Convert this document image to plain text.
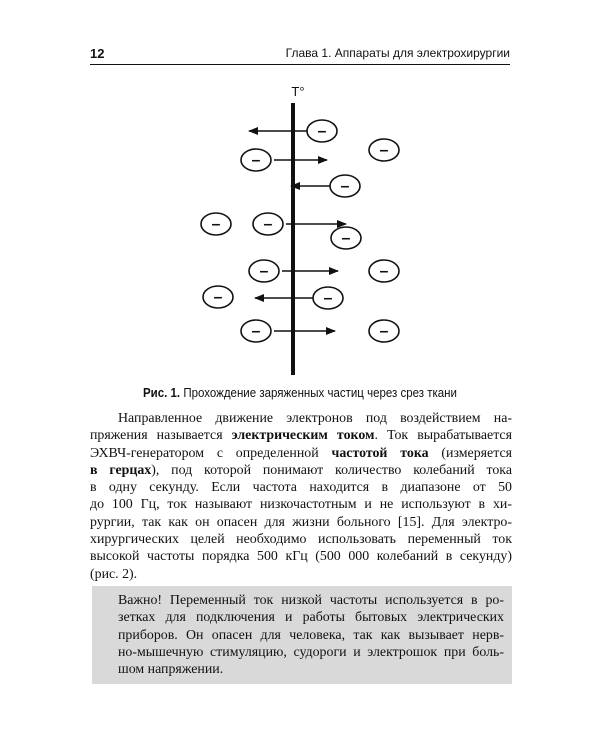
12	Глава 1. Аппараты для электрохирургии
T°
–
–
–
–
–	–
–
–	–
–	–
–	–
Рис. 1. Прохождение заряженных частиц через срез ткани
Направленное движение электронов под воздействием на-
пряжения называется электрическим током. Ток вырабатывается
ЭХВЧ-генератором с определенной частотой тока (измеряется
в герцах), под которой понимают количество колебаний тока
в одну секунду. Если частота находится в диапазоне от 50
до 100 Гц, ток называют низкочастотным и не используют в хи-
рургии, так как он опасен для жизни больного [15]. Для электро-
хирургических целей необходимо использовать переменный ток
высокой частоты порядка 500 кГц (500 000 колебаний в секунду)
(рис. 2).
Важно! Переменный ток низкой частоты используется в ро-
зетках для подключения и работы бытовых электрических
приборов. Он опасен для человека, так как вызывает нерв-
но-мышечную стимуляцию, судороги и электрошок при боль-
шом напряжении.
